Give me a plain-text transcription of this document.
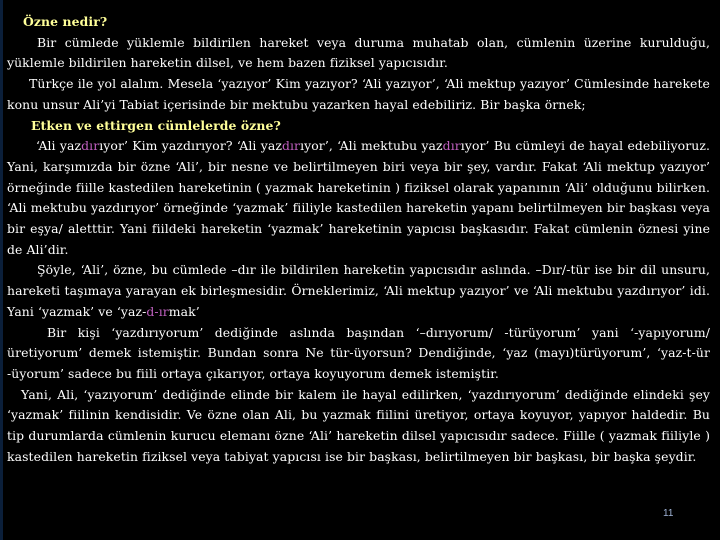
Özne nedir?

Bir cümlede yüklemle bildirilen hareket veya duruma muhatab olan, cümlenin üzerine kurulduğu, yüklemle bildirilen hareketin dilsel, ve hem bazen fiziksel yapıcısıdır.

Türkçe ile yol alalım. Mesela ‘yazıyor’ Kim yazıyor? ‘Ali yazıyor’, ‘Ali mektup yazıyor’ Cümlesinde harekete konu unsur Ali’yi Tabiat içerisinde bir mektubu yazarken hayal edebiliriz. Bir başka örnek;

Etken ve ettirgen cümlelerde özne?

‘Ali yazdırıyor’ Kim yazdırıyor? ‘Ali yazdırıyor’, ‘Ali mektubu yazdırıyor’ Bu cümleyi de hayal edebiliyoruz. Yani, karşımızda bir özne ‘Ali’, bir nesne ve belirtilmeyen biri veya bir şey, vardır. Fakat ‘Ali mektup yazıyor’ örneğinde fiille kastedilen hareketinin ( yazmak hareketinin ) fiziksel olarak yapanının ‘Ali’ olduğunu bilirken. ‘Ali mektubu yazdırıyor’ örneğinde ‘yazmak’ fiiliyle kastedilen hareketin yapanı belirtilmeyen bir başkası veya bir eşya/ aletttir. Yani fiildeki hareketin ‘yazmak’ hareketinin yapıcısı başkasıdır. Fakat cümlenin öznesi yine de Ali’dir.

Şöyle, ‘Ali’, özne, bu cümlede –dır ile bildirilen hareketin yapıcısıdır aslında. –Dır/-tür ise bir dil unsuru, hareketi taşımaya yarayan ek birleşmesidir. Örneklerimiz, ‘Ali mektup yazıyor’ ve ‘Ali mektubu yazdırıyor’ idi. Yani ‘yazmak’ ve ‘yaz-d-ırmak’

Bir kişi ‘yazdırıyorum’ dediğinde aslında başından ‘–dırıyorum/ -türüyorum’ yani ‘-yapıyorum/ üretiyorum’ demek istemiştir. Bundan sonra Ne tür-üyorsun? Dendiğinde, ‘yaz (mayı)türüyorum’, ‘yaz-t-ür -üyorum’ sadece bu fiili ortaya çıkarıyor, ortaya koyuyorum demek istemiştir.

Yani, Ali, ‘yazıyorum’ dediğinde elinde bir kalem ile hayal edilirken, ‘yazdırıyorum’ dediğinde elindeki şey ‘yazmak’ fiilinin kendisidir. Ve özne olan Ali, bu yazmak fiilini üretiyor, ortaya koyuyor, yapıyor haldedir. Bu tip durumlarda cümlenin kurucu elemanı özne ‘Ali’ hareketin dilsel yapıcısıdır sadece. Fiille ( yazmak fiiliyle ) kastedilen hareketin fiziksel veya tabiyat yapıcısı ise bir başkası, belirtilmeyen bir başkası, bir başka şeydir.

11
